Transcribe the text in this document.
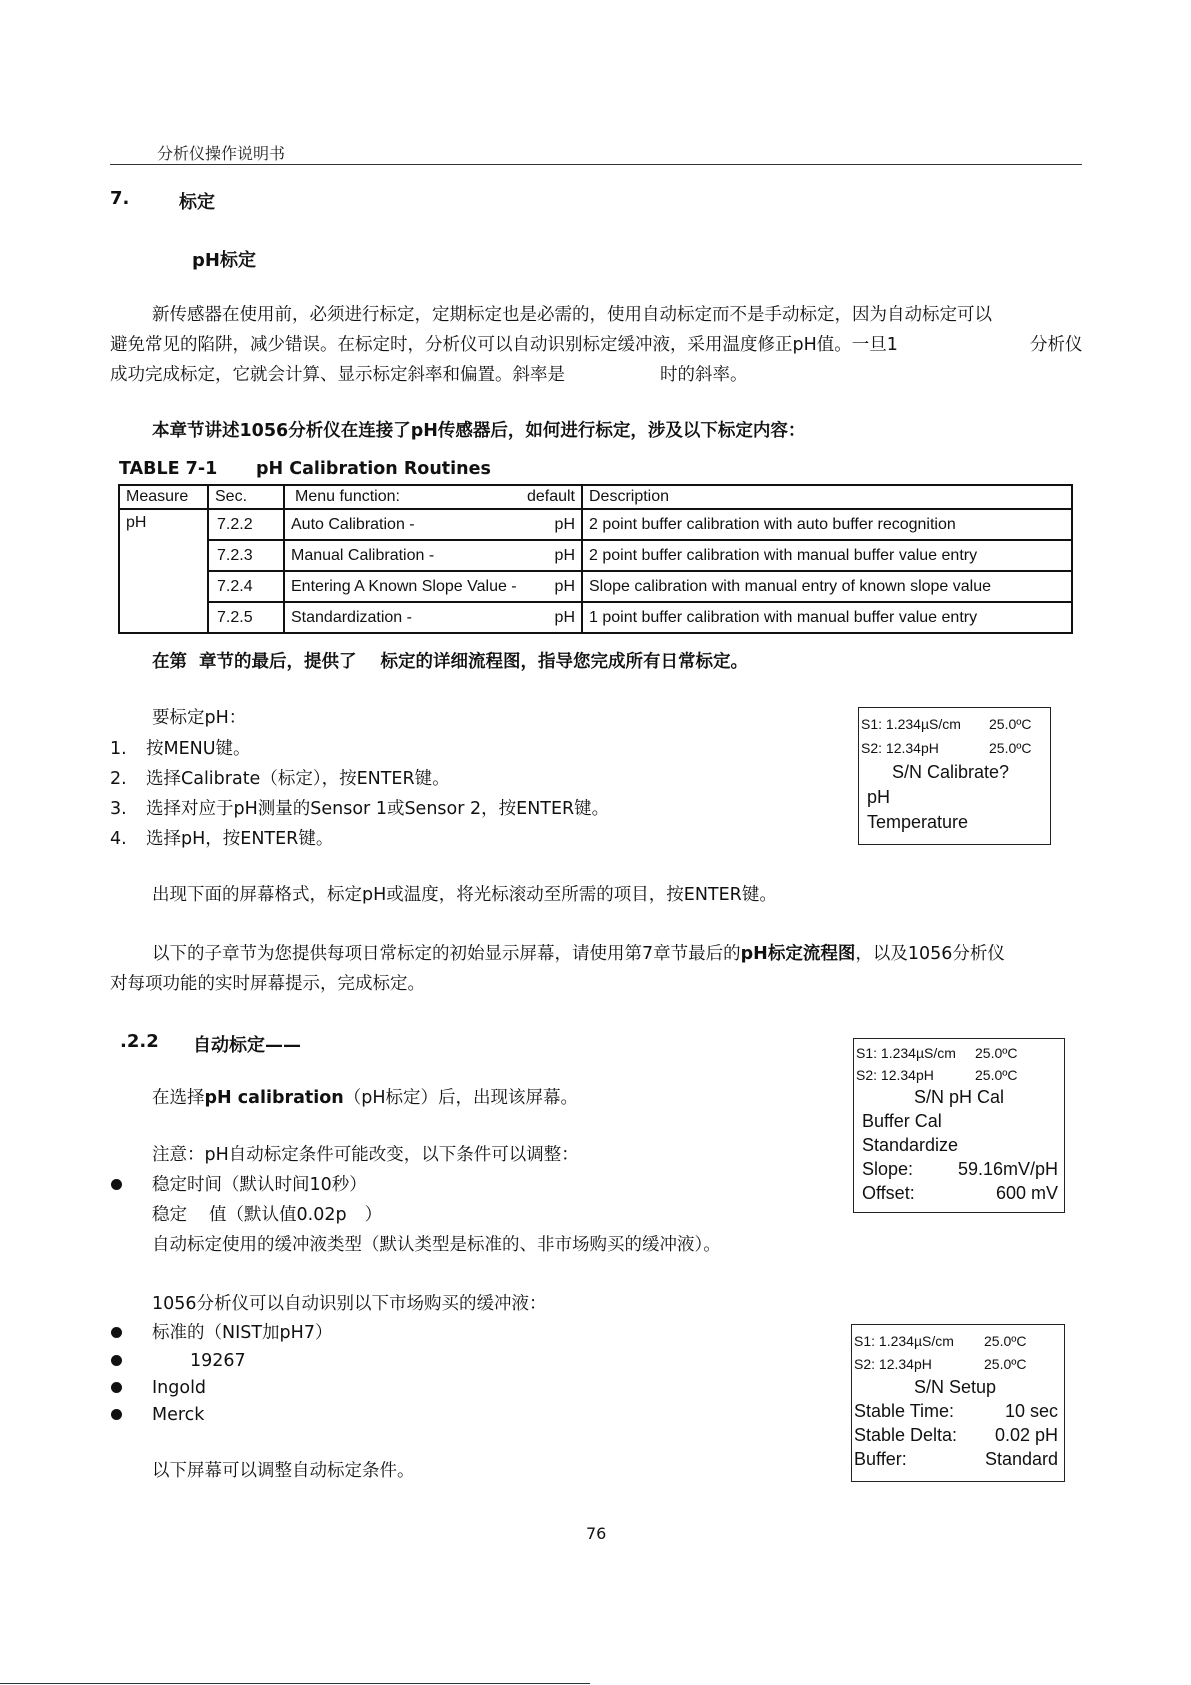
分析仪操作说明书
7.	标定
pH标定
新传感器在使用前，必须进行标定，定期标定也是必需的，使用自动标定而不是手动标定，因为自动标定可以
避免常见的陷阱，减少错误。在标定时，分析仪可以自动识别标定缓冲液，采用温度修正pH值。一旦1	分析仪
成功完成标定，它就会计算、显示标定斜率和偏置。斜率是	时的斜率。
本章节讲述1056分析仪在连接了pH传感器后，如何进行标定，涉及以下标定内容：
TABLE 7-1 pH Calibration Routines
Measure	Sec.	Menu function: default	Description
pH	7.2.2	Auto Calibration - pH	2 point buffer calibration with auto buffer recognition
	7.2.3	Manual Calibration - pH	2 point buffer calibration with manual buffer value entry
	7.2.4	Entering A Known Slope Value - pH	Slope calibration with manual entry of known slope value
	7.2.5	Standardization - pH	1 point buffer calibration with manual buffer value entry
在第 章节的最后，提供了 标定的详细流程图，指导您完成所有日常标定。
要标定pH：
1. 按MENU键。
2. 选择Calibrate（标定），按ENTER键。
3. 选择对应于pH测量的Sensor 1或Sensor 2，按ENTER键。
4. 选择pH，按ENTER键。
S1: 1.234µS/cm 25.0ºC
S2: 12.34pH	25.0ºC
S/N Calibrate?
pH
Temperature
出现下面的屏幕格式，标定pH或温度，将光标滚动至所需的项目，按ENTER键。
以下的子章节为您提供每项日常标定的初始显示屏幕，请使用第7章节最后的pH标定流程图，以及1056分析仪
对每项功能的实时屏幕提示，完成标定。
.2.2 自动标定——
在选择pH calibration（pH标定）后，出现该屏幕。
S1: 1.234µS/cm 25.0ºC
S2: 12.34pH	25.0ºC
S/N pH Cal
Buffer Cal
Standardize
Slope: 59.16mV/pH
Offset:	600 mV
注意：pH自动标定条件可能改变，以下条件可以调整：
稳定时间（默认时间10秒）
稳定 值（默认值0.02p ）
自动标定使用的缓冲液类型（默认类型是标准的、非市场购买的缓冲液）。
1056分析仪可以自动识别以下市场购买的缓冲液：
标准的（NIST加pH7）
19267
Ingold
Merck
S1: 1.234µS/cm 25.0ºC
S2: 12.34pH	25.0ºC
S/N Setup
Stable Time:	10 sec
Stable Delta: 0.02 pH
Buffer:	Standard
以下屏幕可以调整自动标定条件。
76
